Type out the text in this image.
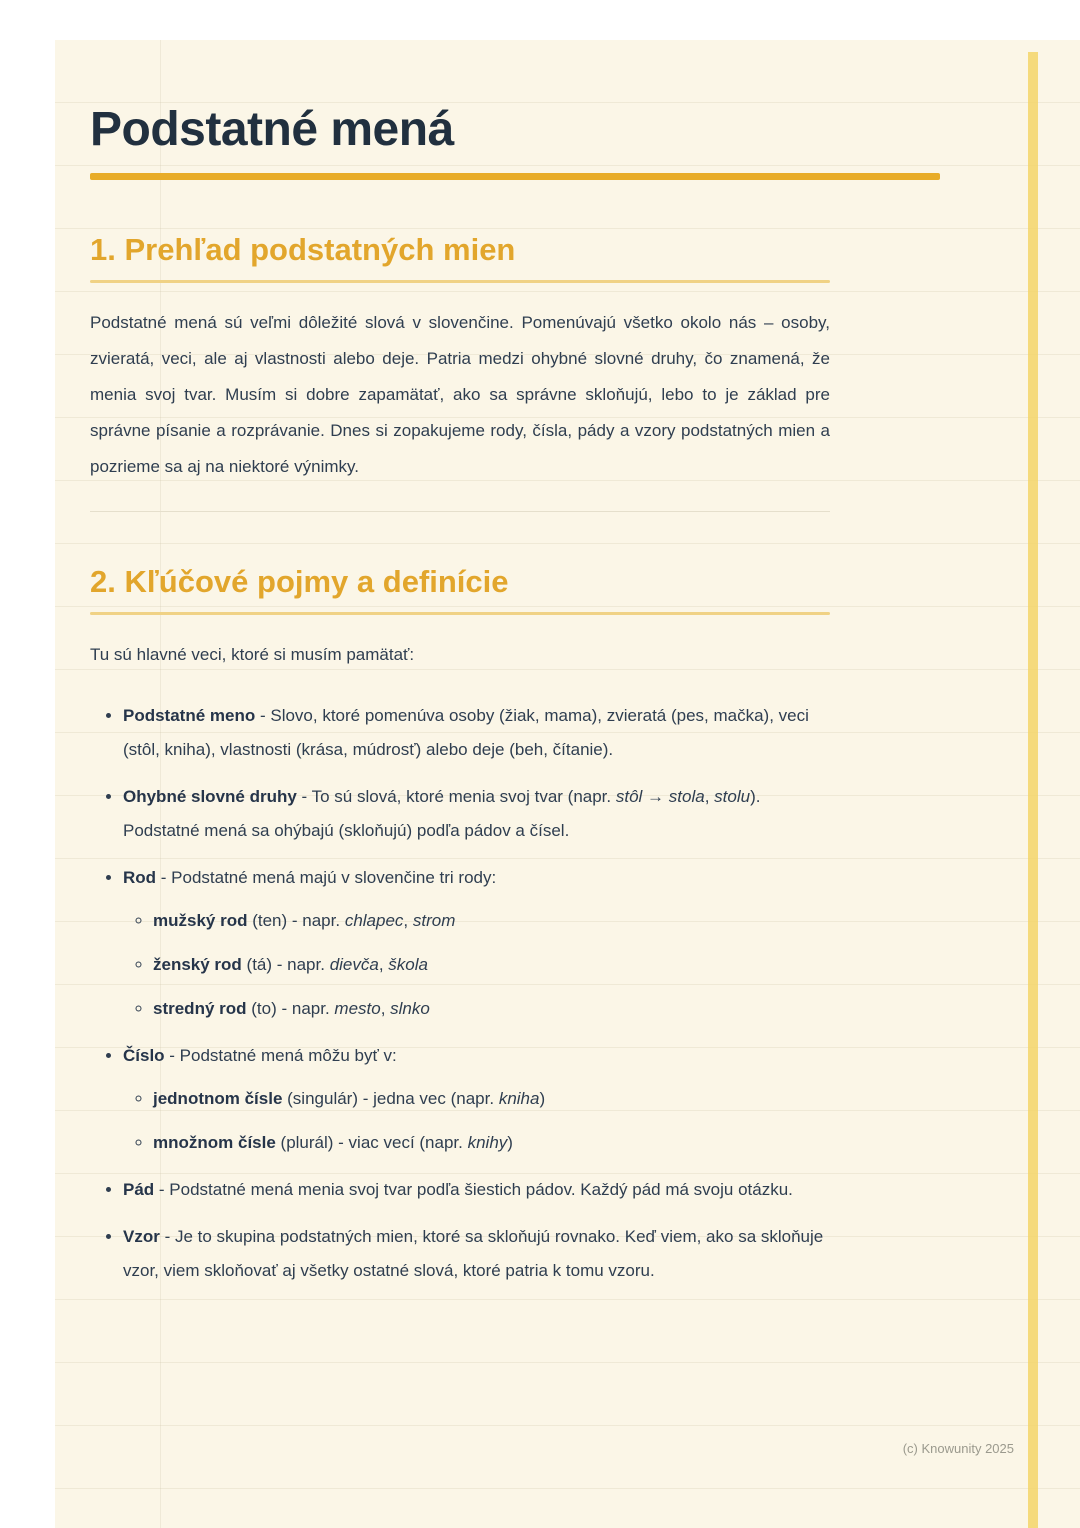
Podstatné mená
1. Prehľad podstatných mien

Podstatné mená sú veľmi dôležité slová v slovenčine. Pomenúvajú všetko okolo nás – osoby, zvieratá, veci, ale aj vlastnosti alebo deje. Patria medzi ohybné slovné druhy, čo znamená, že menia svoj tvar. Musím si dobre zapamätať, ako sa správne skloňujú, lebo to je základ pre správne písanie a rozprávanie. Dnes si zopakujeme rody, čísla, pády a vzory podstatných mien a pozrieme sa aj na niektoré výnimky.

2. Kľúčové pojmy a definície

Tu sú hlavné veci, ktoré si musím pamätať:

• Podstatné meno - Slovo, ktoré pomenúva osoby (žiak, mama), zvieratá (pes, mačka), veci (stôl, kniha), vlastnosti (krása, múdrosť) alebo deje (beh, čítanie).
• Ohybné slovné druhy - To sú slová, ktoré menia svoj tvar (napr. stôl → stola, stolu). Podstatné mená sa ohýbajú (skloňujú) podľa pádov a čísel.
• Rod - Podstatné mená majú v slovenčine tri rody:
◦ mužský rod (ten) - napr. chlapec, strom
◦ ženský rod (tá) - napr. dievča, škola
◦ stredný rod (to) - napr. mesto, slnko
• Číslo - Podstatné mená môžu byť v:
◦ jednotnom čísle (singulár) - jedna vec (napr. kniha)
◦ množnom čísle (plurál) - viac vecí (napr. knihy)
• Pád - Podstatné mená menia svoj tvar podľa šiestich pádov. Každý pád má svoju otázku.
• Vzor - Je to skupina podstatných mien, ktoré sa skloňujú rovnako. Keď viem, ako sa skloňuje vzor, viem skloňovať aj všetky ostatné slová, ktoré patria k tomu vzoru.
(c) Knowunity 2025
